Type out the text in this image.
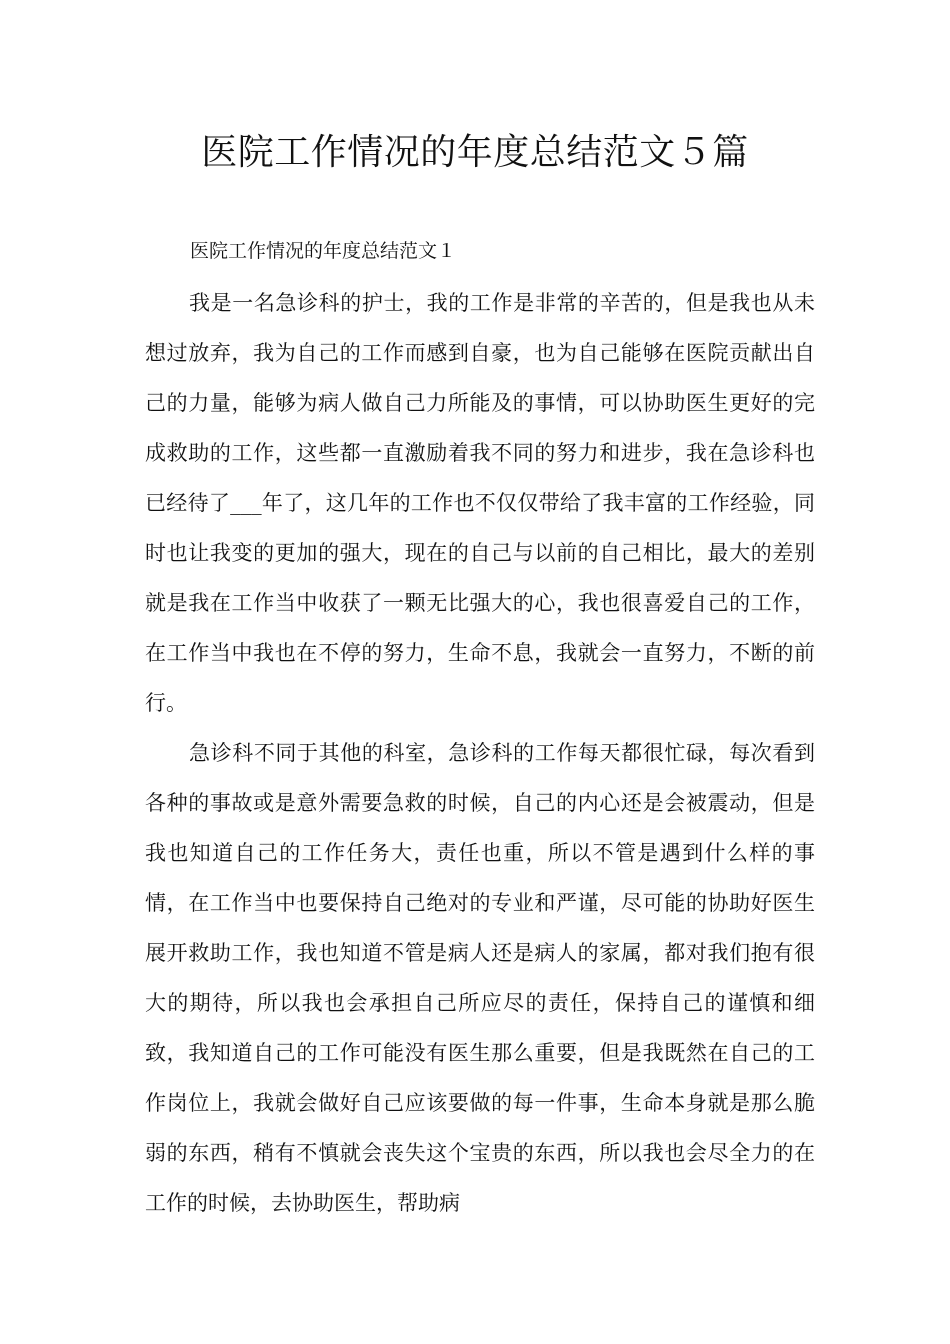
医院工作情况的年度总结范文５篇

医院工作情况的年度总结范文１

我是一名急诊科的护士，我的工作是非常的辛苦的，但是我也从未想过放弃，我为自己的工作而感到自豪，也为自己能够在医院贡献出自己的力量，能够为病人做自己力所能及的事情，可以协助医生更好的完成救助的工作，这些都一直激励着我不同的努力和进步，我在急诊科也已经待了___年了，这几年的工作也不仅仅带给了我丰富的工作经验，同时也让我变的更加的强大，现在的自己与以前的自己相比，最大的差别就是我在工作当中收获了一颗无比强大的心，我也很喜爱自己的工作，在工作当中我也在不停的努力，生命不息，我就会一直努力，不断的前行。

急诊科不同于其他的科室，急诊科的工作每天都很忙碌，每次看到各种的事故或是意外需要急救的时候，自己的内心还是会被震动，但是我也知道自己的工作任务大，责任也重，所以不管是遇到什么样的事情，在工作当中也要保持自己绝对的专业和严谨，尽可能的协助好医生展开救助工作，我也知道不管是病人还是病人的家属，都对我们抱有很大的期待，所以我也会承担自己所应尽的责任，保持自己的谨慎和细致，我知道自己的工作可能没有医生那么重要，但是我既然在自己的工作岗位上，我就会做好自己应该要做的每一件事，生命本身就是那么脆弱的东西，稍有不慎就会丧失这个宝贵的东西，所以我也会尽全力的在工作的时候，去协助医生，帮助病
